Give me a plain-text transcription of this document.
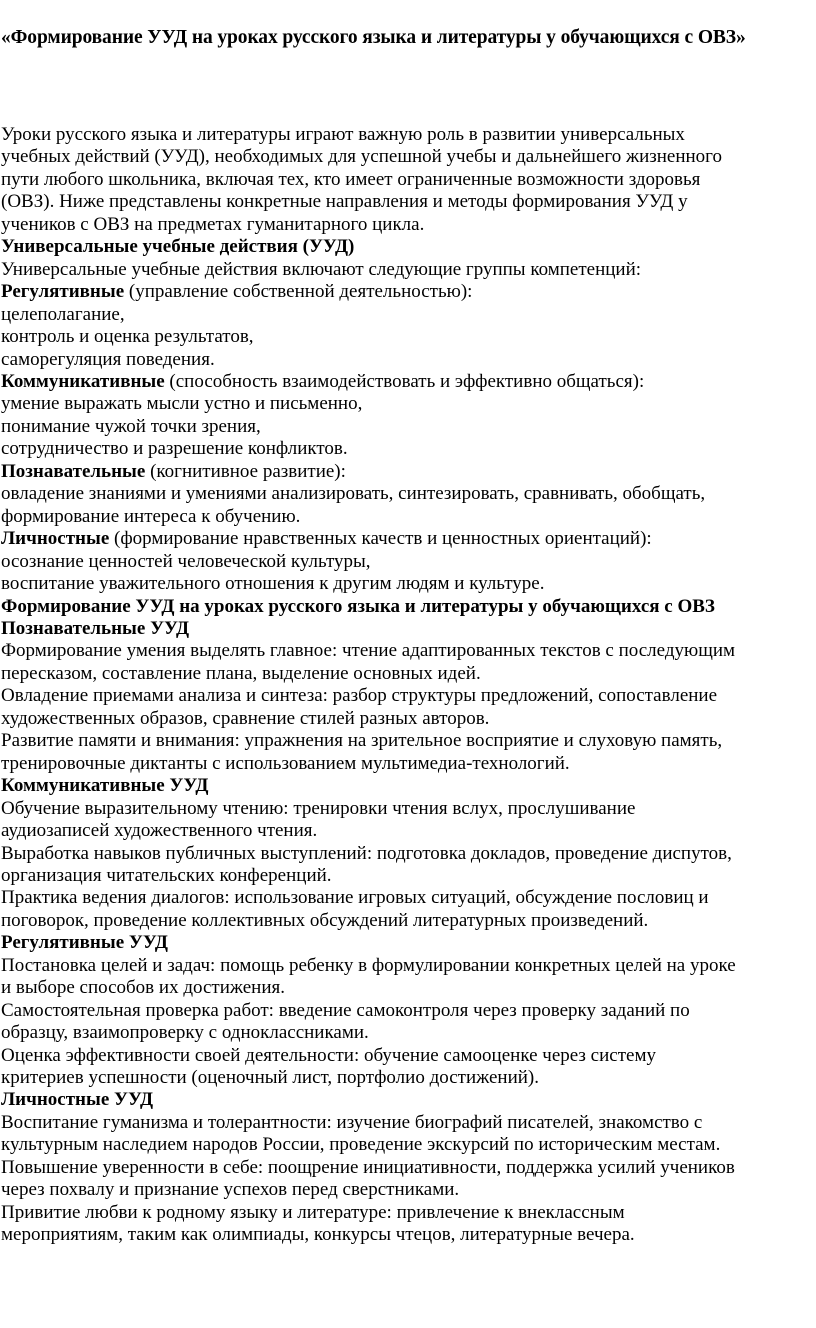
«Формирование УУД на уроках русского языка и литературы у обучающихся с ОВЗ»

Уроки русского языка и литературы играют важную роль в развитии универсальных

учебных действий (УУД), необходимых для успешной учебы и дальнейшего жизненного

пути любого школьника, включая тех, кто имеет ограниченные возможности здоровья

(ОВЗ). Ниже представлены конкретные направления и методы формирования УУД у

учеников с ОВЗ на предметах гуманитарного цикла.

Универсальные учебные действия (УУД)

Универсальные учебные действия включают следующие группы компетенций:

Регулятивные (управление собственной деятельностью):

целеполагание,

контроль и оценка результатов,

саморегуляция поведения.

Коммуникативные (способность взаимодействовать и эффективно общаться):

умение выражать мысли устно и письменно,

понимание чужой точки зрения,

сотрудничество и разрешение конфликтов.

Познавательные (когнитивное развитие):

овладение знаниями и умениями анализировать, синтезировать, сравнивать, обобщать,

формирование интереса к обучению.

Личностные (формирование нравственных качеств и ценностных ориентаций):

осознание ценностей человеческой культуры,

воспитание уважительного отношения к другим людям и культуре.

Формирование УУД на уроках русского языка и литературы у обучающихся с ОВЗ

Познавательные УУД

Формирование умения выделять главное: чтение адаптированных текстов с последующим

пересказом, составление плана, выделение основных идей.

Овладение приемами анализа и синтеза: разбор структуры предложений, сопоставление

художественных образов, сравнение стилей разных авторов.

Развитие памяти и внимания: упражнения на зрительное восприятие и слуховую память,

тренировочные диктанты с использованием мультимедиа-технологий.

Коммуникативные УУД

Обучение выразительному чтению: тренировки чтения вслух, прослушивание

аудиозаписей художественного чтения.

Выработка навыков публичных выступлений: подготовка докладов, проведение диспутов,

организация читательских конференций.

Практика ведения диалогов: использование игровых ситуаций, обсуждение пословиц и

поговорок, проведение коллективных обсуждений литературных произведений.

Регулятивные УУД

Постановка целей и задач: помощь ребенку в формулировании конкретных целей на уроке

и выборе способов их достижения.

Самостоятельная проверка работ: введение самоконтроля через проверку заданий по

образцу, взаимопроверку с одноклассниками.

Оценка эффективности своей деятельности: обучение самооценке через систему

критериев успешности (оценочный лист, портфолио достижений).

Личностные УУД

Воспитание гуманизма и толерантности: изучение биографий писателей, знакомство с

культурным наследием народов России, проведение экскурсий по историческим местам.

Повышение уверенности в себе: поощрение инициативности, поддержка усилий учеников

через похвалу и признание успехов перед сверстниками.

Привитие любви к родному языку и литературе: привлечение к внеклассным

мероприятиям, таким как олимпиады, конкурсы чтецов, литературные вечера.
